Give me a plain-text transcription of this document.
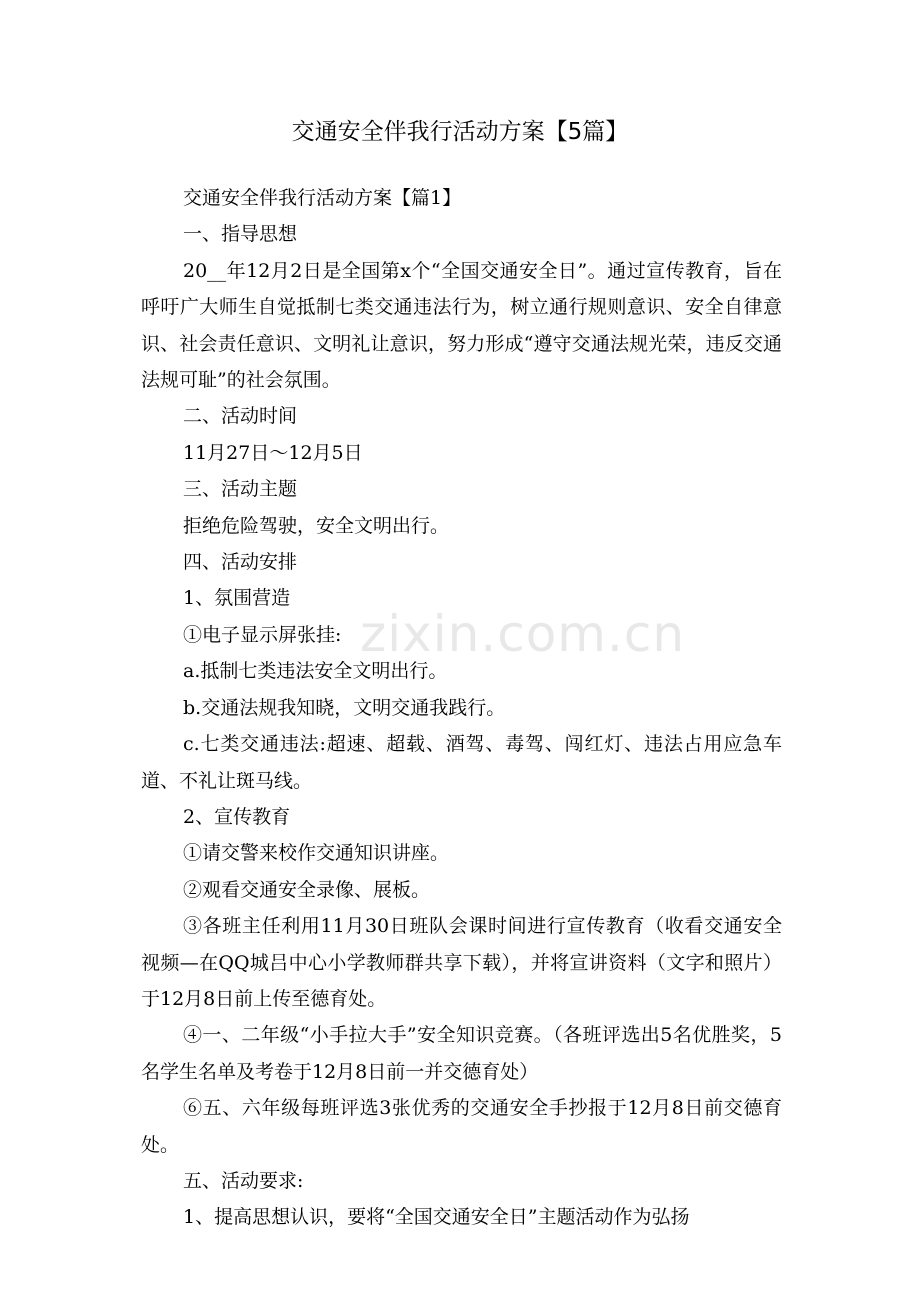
交通安全伴我行活动方案【5篇】
zixin.com.cn

交通安全伴我行活动方案【篇1】

一、指导思想

20__年12月2日是全国第x个“全国交通安全日”。通过宣传教育，旨在呼吁广大师生自觉抵制七类交通违法行为，树立通行规则意识、安全自律意识、社会责任意识、文明礼让意识，努力形成“遵守交通法规光荣，违反交通法规可耻”的社会氛围。

二、活动时间

11月27日～12月5日

三、活动主题

拒绝危险驾驶，安全文明出行。

四、活动安排

1、氛围营造

①电子显示屏张挂:

a.抵制七类违法安全文明出行。

b.交通法规我知晓，文明交通我践行。

c.七类交通违法:超速、超载、酒驾、毒驾、闯红灯、违法占用应急车道、不礼让斑马线。

2、宣传教育

①请交警来校作交通知识讲座。

②观看交通安全录像、展板。

③各班主任利用11月30日班队会课时间进行宣传教育（收看交通安全视频—在QQ城吕中心小学教师群共享下载），并将宣讲资料（文字和照片）于12月8日前上传至德育处。

④一、二年级“小手拉大手”安全知识竞赛。（各班评选出5名优胜奖，5名学生名单及考卷于12月8日前一并交德育处）

⑥五、六年级每班评选3张优秀的交通安全手抄报于12月8日前交德育处。

五、活动要求:

1、提高思想认识，要将“全国交通安全日”主题活动作为弘扬
